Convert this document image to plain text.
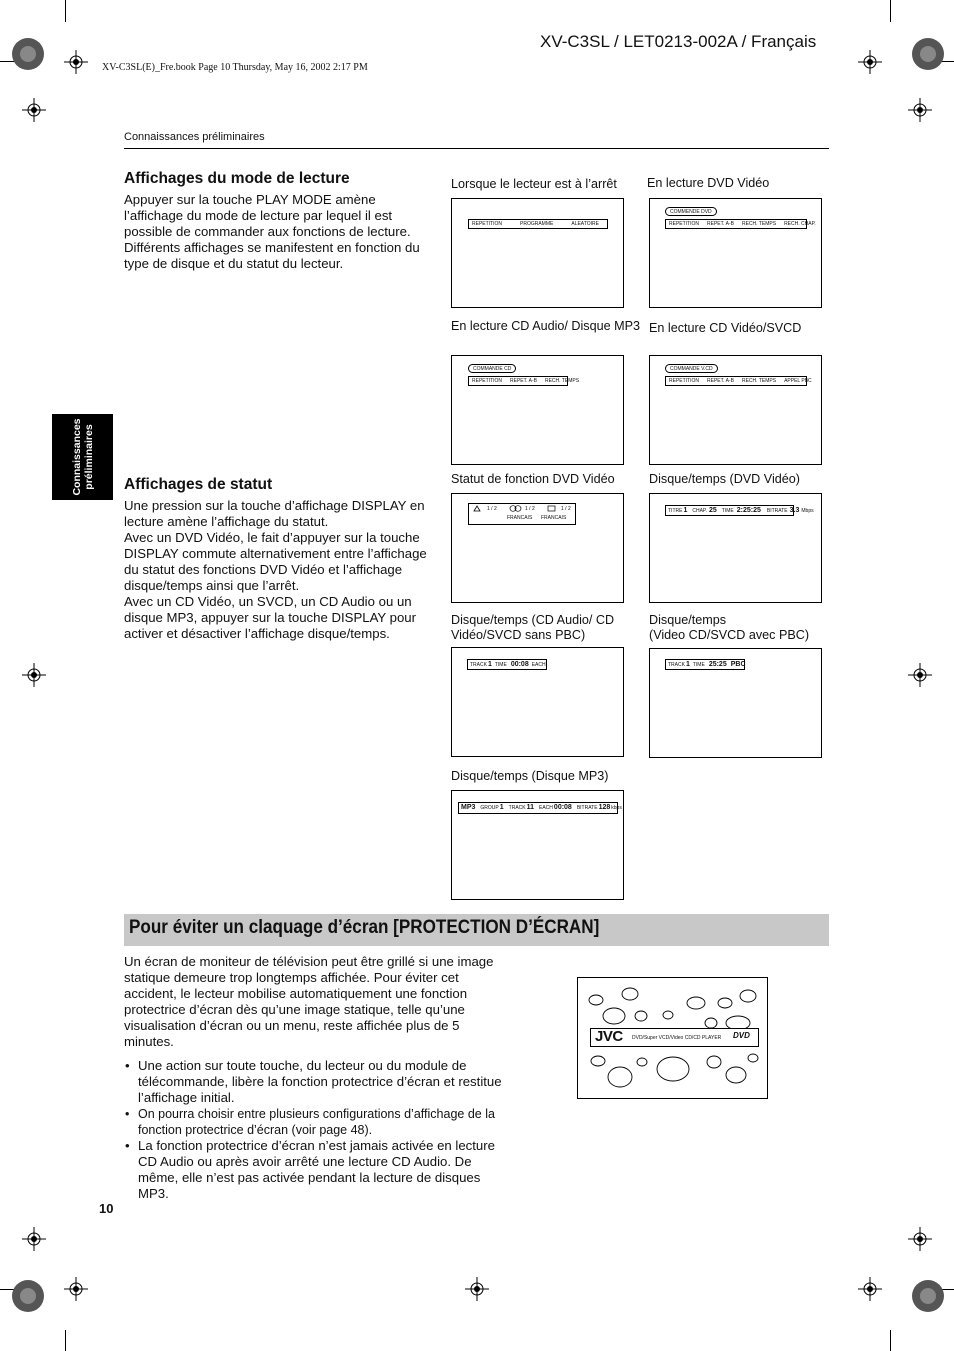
XV-C3SL / LET0213-002A / Français
XV-C3SL(E)_Fre.book Page 10 Thursday, May 16, 2002 2:17 PM
Connaissances préliminaires
Connaissances préliminaires
Affichages du mode de lecture

Appuyer sur la touche PLAY MODE amène l’affichage du mode de lecture par lequel il est possible de commander aux fonctions de lecture.

Différents affichages se manifestent en fonction du type de disque et du statut du lecteur.

Affichages de statut

Une pression sur la touche d’affichage DISPLAY en lecture amène l’affichage du statut.

Avec un DVD Vidéo, le fait d’appuyer sur la touche DISPLAY commute alternativement entre l’affichage du statut des fonctions DVD Vidéo et l’affichage disque/temps ainsi que l’arrêt.

Avec un CD Vidéo, un SVCD, un CD Audio ou un disque MP3, appuyer sur la touche DISPLAY pour activer et désactiver l’affichage disque/temps.

Lorsque le lecteur est à l’arrêt
REPETITION	PROGRAMME	ALEATOIRE
En lecture DVD Vidéo
COMMENDE DVD
REPETITION REPET. A-B RECH. TEMPS RECH. CHAP.
En lecture CD Audio/ Disque MP3
COMMANDE CD
REPETITION REPET. A-B RECH. TEMPS
En lecture CD Vidéo/SVCD
COMMANDE V.CD
REPETITION REPET. A-B RECH. TEMPS APPEL PBC
Statut de fonction DVD Vidéo
1 / 2	1 / 2	1 / 2
FRANCAIS FRANCAIS
Disque/temps (DVD Vidéo)
TITRE 1 CHAP. 25 TIME 2:25:25 BITRATE 3.3 Mbps
Disque/temps (CD Audio/ CD Vidéo/SVCD sans PBC)
TRACK 1 TIME 00:08 EACH
Disque/temps
(Video CD/SVCD avec PBC)
TRACK 1 TIME 25:25 PBC
Disque/temps (Disque MP3)
MP3 GROUP 1 TRACK 11 EACH 00:08 BITRATE 128 kbps
Pour éviter un claquage d’écran [PROTECTION D’ÉCRAN]

Un écran de moniteur de télévision peut être grillé si une image statique demeure trop longtemps affichée. Pour éviter cet accident, le lecteur mobilise automatiquement une fonction protectrice d’écran dès qu’une image statique, telle qu’une visualisation d’écran ou un menu, reste affichée plus de 5 minutes.

• Une action sur toute touche, du lecteur ou du module de télécommande, libère la fonction protectrice d’écran et restitue l’affichage initial.
• On pourra choisir entre plusieurs configurations d’affichage de la fonction protectrice d’écran (voir page 48).
• La fonction protectrice d’écran n’est jamais activée en lecture CD Audio ou après avoir arrêté une lecture CD Audio. De même, elle n’est pas activée pendant la lecture de disques MP3.
JVC DVD/Super VCD/Video CD/CD PLAYER DVD
10
